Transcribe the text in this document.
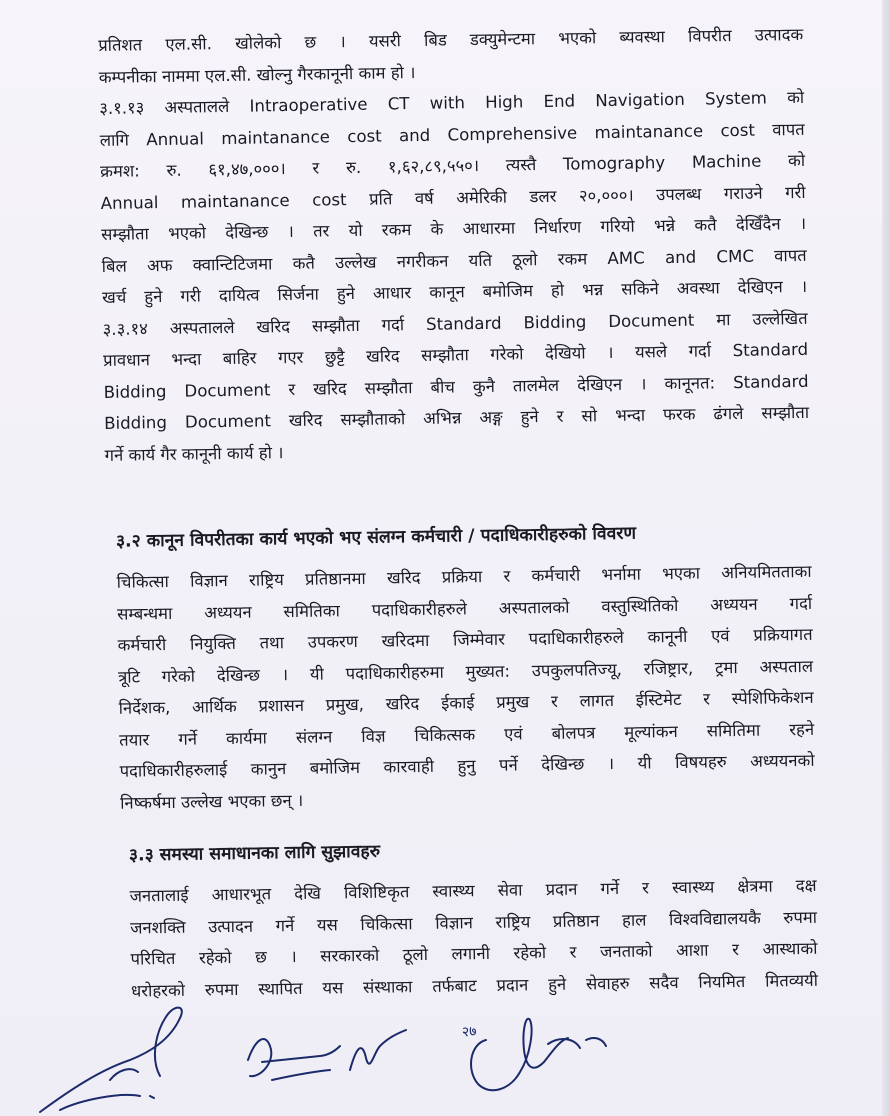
प्रतिशत एल.सी. खोलेको छ । यसरी बिड डक्युमेन्टमा भएको ब्यवस्था विपरीत उत्पादक
कम्पनीका नाममा एल.सी. खोल्नु गैरकानूनी काम हो ।
३.१.१३ अस्पतालले Intraoperative CT with High End Navigation System को
लागि Annual maintanance cost and Comprehensive maintanance cost वापत
क्रमश: रु. ६१,४७,०००। र रु. १,६२,८९,५५०। त्यस्तै Tomography Machine को
Annual maintanance cost प्रति वर्ष अमेरिकी डलर २०,०००। उपलब्ध गराउने गरी
सम्झौता भएको देखिन्छ । तर यो रकम के आधारमा निर्धारण गरियो भन्ने कतै देखिँदैन ।
बिल अफ क्वान्टिटिजमा कतै उल्लेख नगरीकन यति ठूलो रकम AMC and CMC वापत
खर्च हुने गरी दायित्व सिर्जना हुने आधार कानून बमोजिम हो भन्न सकिने अवस्था देखिएन ।
३.३.१४ अस्पतालले खरिद सम्झौता गर्दा Standard Bidding Document मा उल्लेखित
प्रावधान भन्दा बाहिर गएर छुट्टै खरिद सम्झौता गरेको देखियो । यसले गर्दा Standard
Bidding Document र खरिद सम्झौता बीच कुनै तालमेल देखिएन । कानूनत: Standard
Bidding Document खरिद सम्झौताको अभिन्न अङ्ग हुने र सो भन्दा फरक ढंगले सम्झौता
गर्ने कार्य गैर कानूनी कार्य हो ।
३.२ कानून विपरीतका कार्य भएको भए संलग्न कर्मचारी / पदाधिकारीहरुको विवरण
चिकित्सा विज्ञान राष्ट्रिय प्रतिष्ठानमा खरिद प्रक्रिया र कर्मचारी भर्नामा भएका अनियमितताका
सम्बन्धमा अध्ययन समितिका पदाधिकारीहरुले अस्पतालको वस्तुस्थितिको अध्ययन गर्दा
कर्मचारी नियुक्ति तथा उपकरण खरिदमा जिम्मेवार पदाधिकारीहरुले कानूनी एवं प्रक्रियागत
त्रूटि गरेको देखिन्छ । यी पदाधिकारीहरुमा मुख्यत: उपकुलपतिज्यू, रजिष्ट्रार, ट्रमा अस्पताल
निर्देशक, आर्थिक प्रशासन प्रमुख, खरिद ईकाई प्रमुख र लागत ईस्टिमेट र स्पेशिफिकेशन
तयार गर्ने कार्यमा संलग्न विज्ञ चिकित्सक एवं बोलपत्र मूल्यांकन समितिमा रहने
पदाधिकारीहरुलाई कानुन बमोजिम कारवाही हुनु पर्ने देखिन्छ । यी विषयहरु अध्ययनको
निष्कर्षमा उल्लेख भएका छन् ।
३.३ समस्या समाधानका लागि सुझावहरु
जनतालाई आधारभूत देखि विशिष्टिकृत स्वास्थ्य सेवा प्रदान गर्ने र स्वास्थ्य क्षेत्रमा दक्ष
जनशक्ति उत्पादन गर्ने यस चिकित्सा विज्ञान राष्ट्रिय प्रतिष्ठान हाल विश्वविद्यालयकै रुपमा
परिचित रहेको छ । सरकारको ठूलो लगानी रहेको र जनताको आशा र आस्थाको
धरोहरको रुपमा स्थापित यस संस्थाका तर्फबाट प्रदान हुने सेवाहरु सदैव नियमित मितव्ययी
२७
